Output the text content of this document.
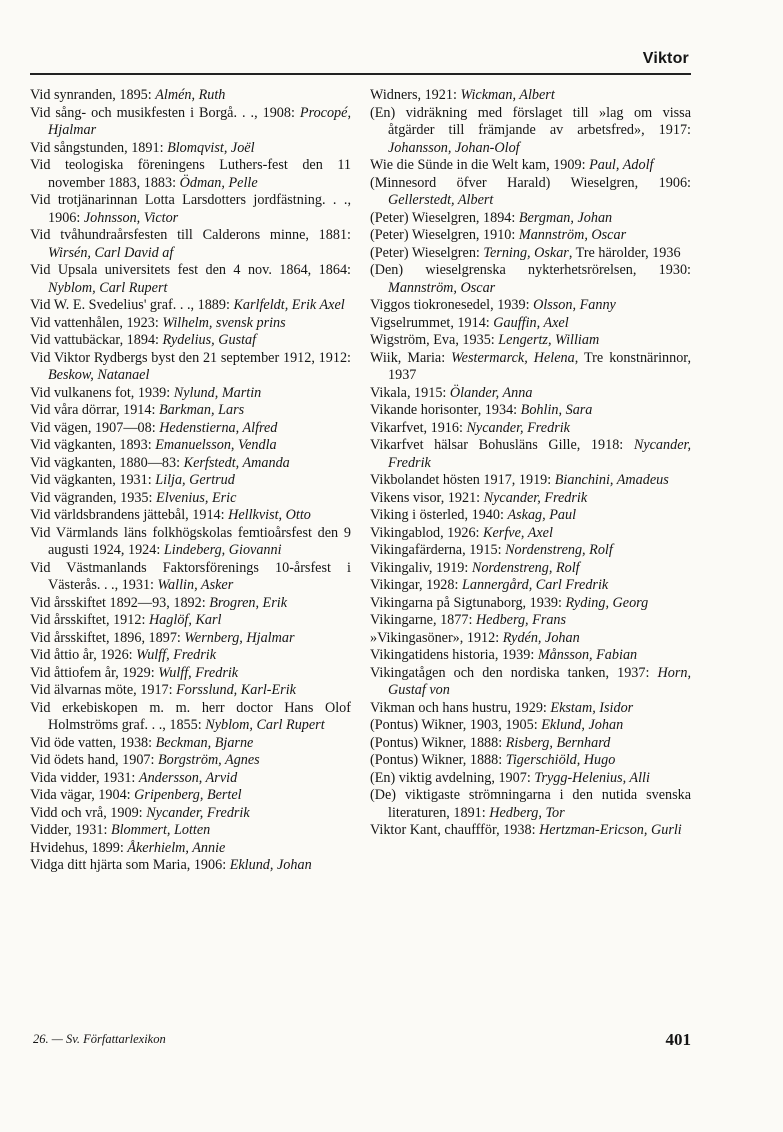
Viktor
Vid synranden, 1895: Almén, Ruth
Vid sång- och musikfesten i Borgå. . ., 1908: Procopé, Hjalmar
Vid sångstunden, 1891: Blomqvist, Joël
Vid teologiska föreningens Luthers-fest den 11 november 1883, 1883: Ödman, Pelle
Vid trotjänarinnan Lotta Larsdotters jordfästning. . ., 1906: Johnsson, Victor
Vid tvåhundraårsfesten till Calderons minne, 1881: Wirsén, Carl David af
Vid Upsala universitets fest den 4 nov. 1864, 1864: Nyblom, Carl Rupert
Vid W. E. Svedelius' graf. . ., 1889: Karlfeldt, Erik Axel
Vid vattenhålen, 1923: Wilhelm, svensk prins
Vid vattubäckar, 1894: Rydelius, Gustaf
Vid Viktor Rydbergs byst den 21 september 1912, 1912: Beskow, Natanael
Vid vulkanens fot, 1939: Nylund, Martin
Vid våra dörrar, 1914: Barkman, Lars
Vid vägen, 1907—08: Hedenstierna, Alfred
Vid vägkanten, 1893: Emanuelsson, Vendla
Vid vägkanten, 1880—83: Kerfstedt, Amanda
Vid vägkanten, 1931: Lilja, Gertrud
Vid vägranden, 1935: Elvenius, Eric
Vid världsbrandens jättebål, 1914: Hellkvist, Otto
Vid Värmlands läns folkhögskolas femtioårsfest den 9 augusti 1924, 1924: Lindeberg, Giovanni
Vid Västmanlands Faktorsförenings 10-årsfest i Västerås. . ., 1931: Wallin, Asker
Vid årsskiftet 1892—93, 1892: Brogren, Erik
Vid årsskiftet, 1912: Haglöf, Karl
Vid årsskiftet, 1896, 1897: Wernberg, Hjalmar
Vid åttio år, 1926: Wulff, Fredrik
Vid åttiofem år, 1929: Wulff, Fredrik
Vid älvarnas möte, 1917: Forsslund, Karl-Erik
Vid erkebiskopen m. m. herr doctor Hans Olof Holmströms graf. . ., 1855: Nyblom, Carl Rupert
Vid öde vatten, 1938: Beckman, Bjarne
Vid ödets hand, 1907: Borgström, Agnes
Vida vidder, 1931: Andersson, Arvid
Vida vägar, 1904: Gripenberg, Bertel
Vidd och vrå, 1909: Nycander, Fredrik
Vidder, 1931: Blommert, Lotten
Hvidehus, 1899: Åkerhielm, Annie
Vidga ditt hjärta som Maria, 1906: Eklund, Johan
Widners, 1921: Wickman, Albert
(En) vidräkning med förslaget till »lag om vissa åtgärder till främjande av arbetsfred», 1917: Johansson, Johan-Olof
Wie die Sünde in die Welt kam, 1909: Paul, Adolf
(Minnesord öfver Harald) Wieselgren, 1906: Gellerstedt, Albert
(Peter) Wieselgren, 1894: Bergman, Johan
(Peter) Wieselgren, 1910: Mannström, Oscar
(Peter) Wieselgren: Terning, Oskar, Tre härolder, 1936
(Den) wieselgrenska nykterhetsrörelsen, 1930: Mannström, Oscar
Viggos tiokronesedel, 1939: Olsson, Fanny
Vigselrummet, 1914: Gauffin, Axel
Wigström, Eva, 1935: Lengertz, William
Wiik, Maria: Westermarck, Helena, Tre konstnärinnor, 1937
Vikala, 1915: Ölander, Anna
Vikande horisonter, 1934: Bohlin, Sara
Vikarfvet, 1916: Nycander, Fredrik
Vikarfvet hälsar Bohusläns Gille, 1918: Nycander, Fredrik
Vikbolandet hösten 1917, 1919: Bianchini, Amadeus
Vikens visor, 1921: Nycander, Fredrik
Viking i österled, 1940: Askag, Paul
Vikingablod, 1926: Kerfve, Axel
Vikingafärderna, 1915: Nordenstreng, Rolf
Vikingaliv, 1919: Nordenstreng, Rolf
Vikingar, 1928: Lannergård, Carl Fredrik
Vikingarna på Sigtunaborg, 1939: Ryding, Georg
Vikingarne, 1877: Hedberg, Frans
»Vikingasöner», 1912: Rydén, Johan
Vikingatidens historia, 1939: Månsson, Fabian
Vikingatågen och den nordiska tanken, 1937: Horn, Gustaf von
Vikman och hans hustru, 1929: Ekstam, Isidor
(Pontus) Wikner, 1903, 1905: Eklund, Johan
(Pontus) Wikner, 1888: Risberg, Bernhard
(Pontus) Wikner, 1888: Tigerschiöld, Hugo
(En) viktig avdelning, 1907: Trygg-Helenius, Alli
(De) viktigaste strömningarna i den nutida svenska literaturen, 1891: Hedberg, Tor
Viktor Kant, chauffför, 1938: Hertzman-Ericson, Gurli
26. — Sv. Författarlexikon	401
